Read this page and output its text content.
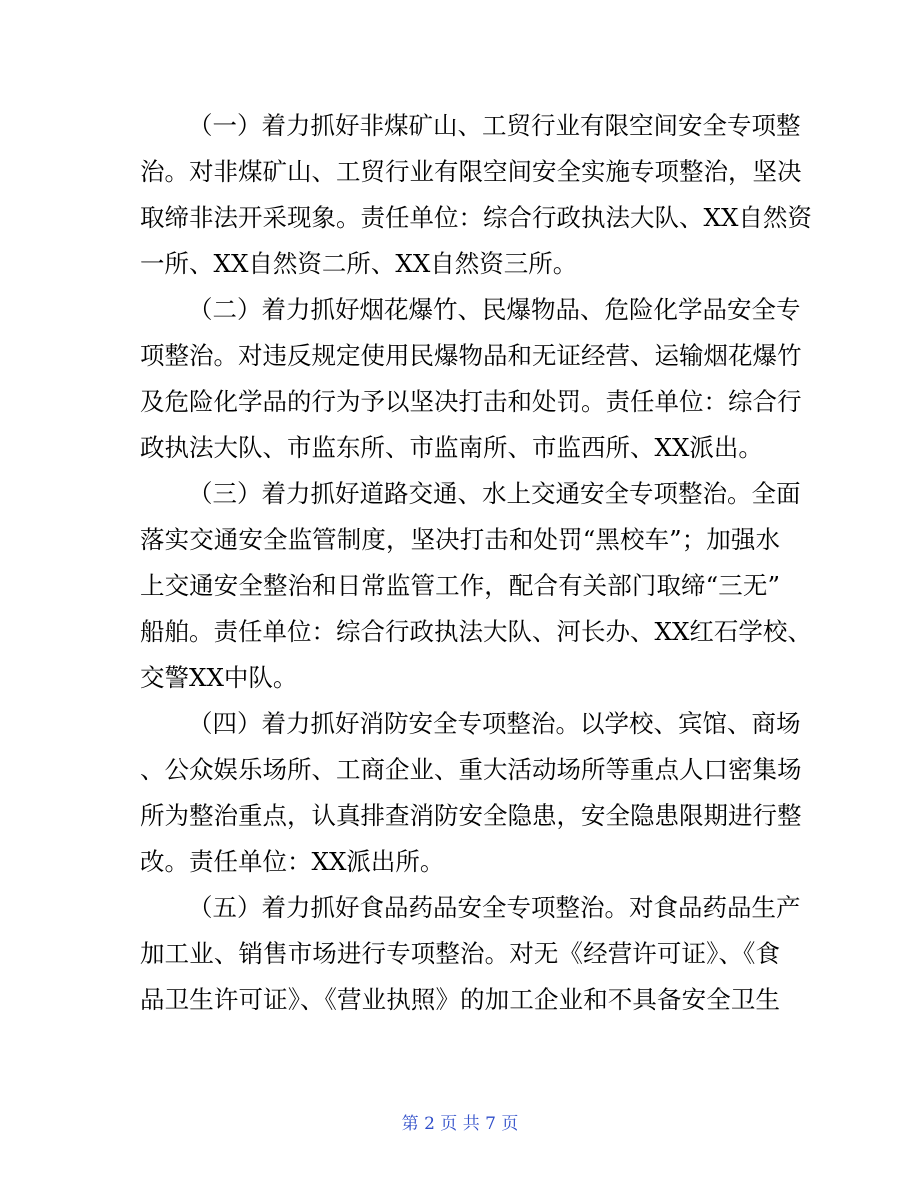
（一）着力抓好非煤矿山、工贸行业有限空间安全专项整
治。对非煤矿山、工贸行业有限空间安全实施专项整治，坚决
取缔非法开采现象。责任单位：综合行政执法大队、XX自然资
一所、XX自然资二所、XX自然资三所。
（二）着力抓好烟花爆竹、民爆物品、危险化学品安全专
项整治。对违反规定使用民爆物品和无证经营、运输烟花爆竹
及危险化学品的行为予以坚决打击和处罚。责任单位：综合行
政执法大队、市监东所、市监南所、市监西所、XX派出。
（三）着力抓好道路交通、水上交通安全专项整治。全面
落实交通安全监管制度，坚决打击和处罚“黑校车”；加强水
上交通安全整治和日常监管工作，配合有关部门取缔“三无”
船舶。责任单位：综合行政执法大队、河长办、XX红石学校、
交警XX中队。
（四）着力抓好消防安全专项整治。以学校、宾馆、商场
、公众娱乐场所、工商企业、重大活动场所等重点人口密集场
所为整治重点，认真排查消防安全隐患，安全隐患限期进行整
改。责任单位：XX派出所。
（五）着力抓好食品药品安全专项整治。对食品药品生产
加工业、销售市场进行专项整治。对无《经营许可证》、《食
品卫生许可证》、《营业执照》的加工企业和不具备安全卫生
第 2 页 共 7 页
